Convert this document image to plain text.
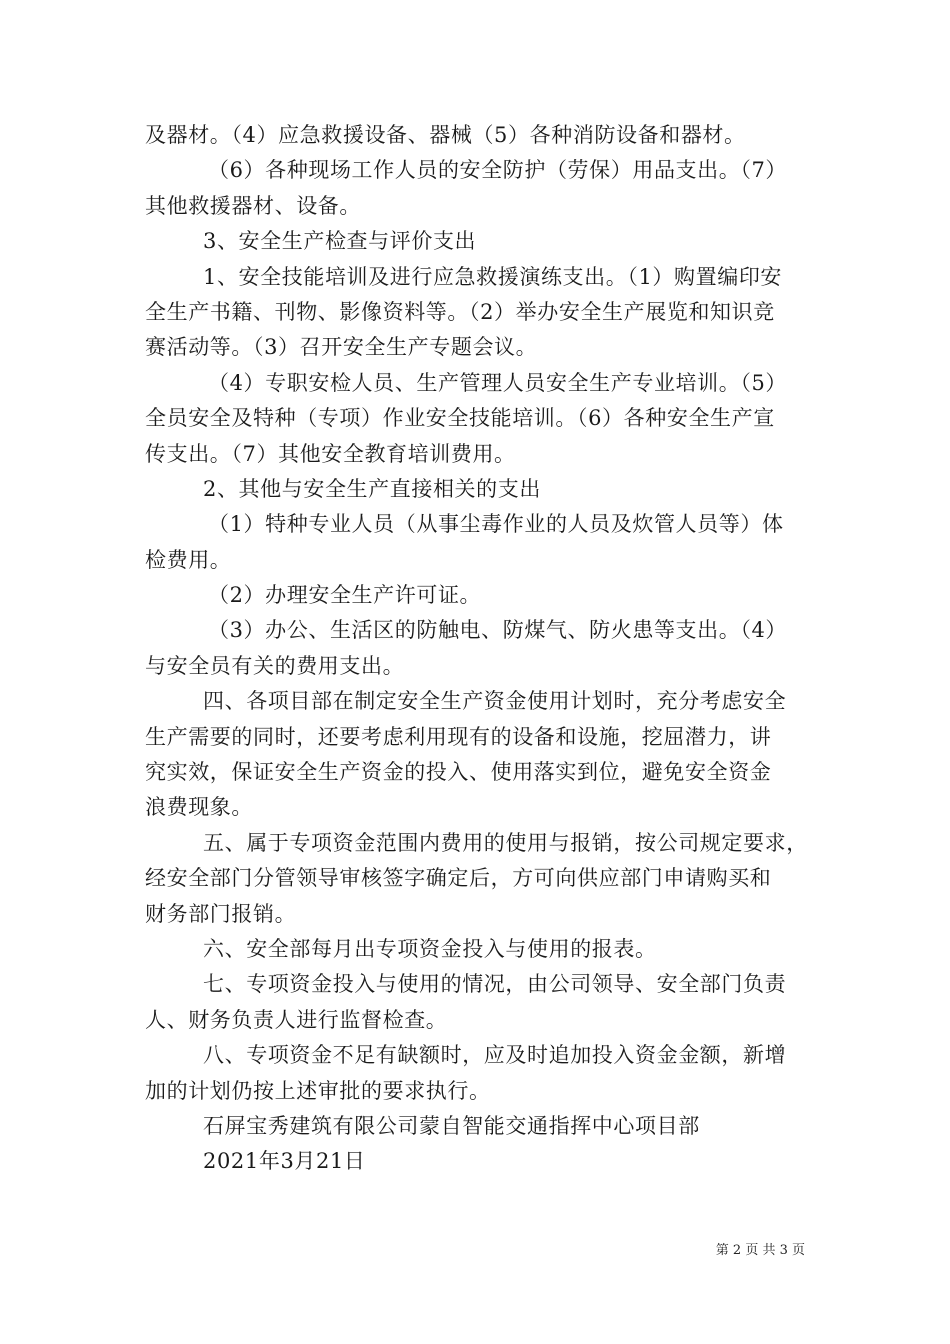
及器材。（4）应急救援设备、器械（5）各种消防设备和器材。
（6）各种现场工作人员的安全防护（劳保）用品支出。（7）
其他救援器材、设备。
3、安全生产检查与评价支出
1、安全技能培训及进行应急救援演练支出。（1）购置编印安
全生产书籍、刊物、影像资料等。（2）举办安全生产展览和知识竞
赛活动等。（3）召开安全生产专题会议。
（4）专职安检人员、生产管理人员安全生产专业培训。（5）
全员安全及特种（专项）作业安全技能培训。（6）各种安全生产宣
传支出。（7）其他安全教育培训费用。
2、其他与安全生产直接相关的支出
（1）特种专业人员（从事尘毒作业的人员及炊管人员等）体
检费用。
（2）办理安全生产许可证。
（3）办公、生活区的防触电、防煤气、防火患等支出。（4）
与安全员有关的费用支出。
四、各项目部在制定安全生产资金使用计划时，充分考虑安全
生产需要的同时，还要考虑利用现有的设备和设施，挖屈潜力，讲
究实效，保证安全生产资金的投入、使用落实到位，避免安全资金
浪费现象。
五、属于专项资金范围内费用的使用与报销，按公司规定要求，
经安全部门分管领导审核签字确定后，方可向供应部门申请购买和
财务部门报销。
六、安全部每月出专项资金投入与使用的报表。
七、专项资金投入与使用的情况，由公司领导、安全部门负责
人、财务负责人进行监督检查。
八、专项资金不足有缺额时，应及时追加投入资金金额，新增
加的计划仍按上述审批的要求执行。
石屏宝秀建筑有限公司蒙自智能交通指挥中心项目部
2021年3月21日
第 2 页 共 3 页
